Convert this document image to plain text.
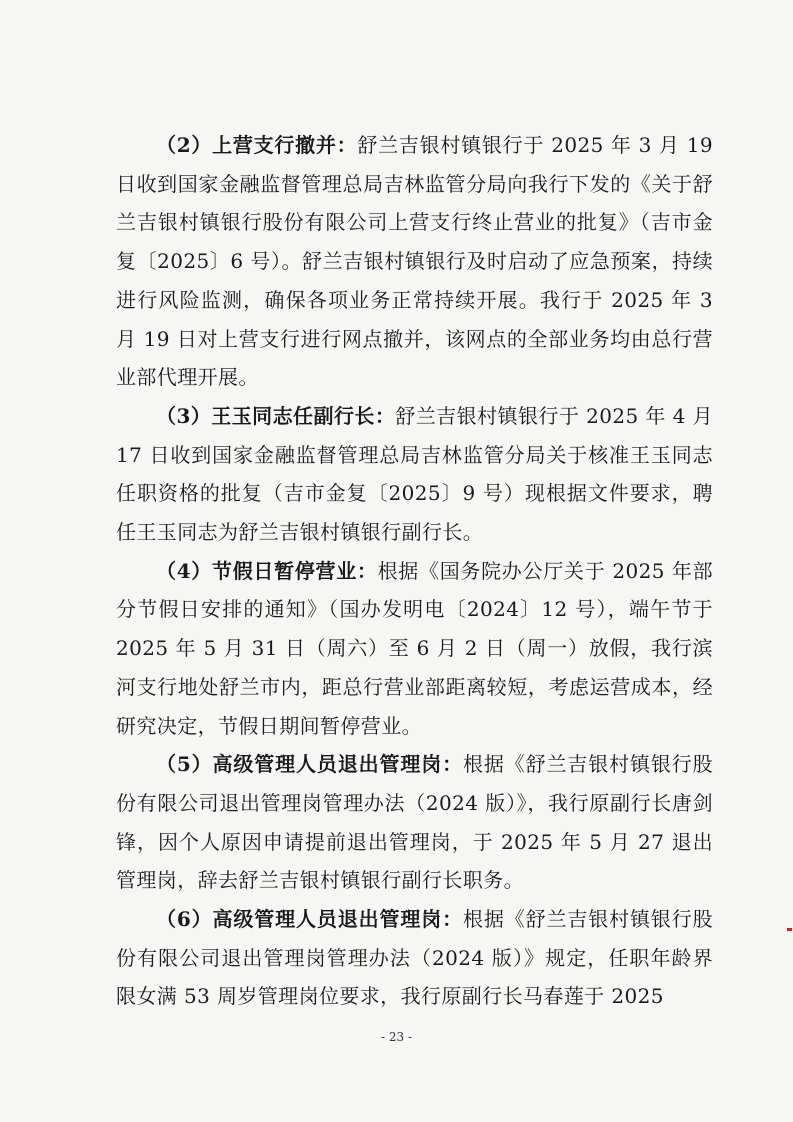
（2）上营支行撤并：舒兰吉银村镇银行于 2025 年 3 月 19 日收到国家金融监督管理总局吉林监管分局向我行下发的《关于舒兰吉银村镇银行股份有限公司上营支行终止营业的批复》（吉市金复〔2025〕6 号）。舒兰吉银村镇银行及时启动了应急预案，持续进行风险监测，确保各项业务正常持续开展。我行于 2025 年 3 月 19 日对上营支行进行网点撤并，该网点的全部业务均由总行营业部代理开展。

（3）王玉同志任副行长：舒兰吉银村镇银行于 2025 年 4 月 17 日收到国家金融监督管理总局吉林监管分局关于核准王玉同志任职资格的批复（吉市金复〔2025〕9 号）现根据文件要求，聘任王玉同志为舒兰吉银村镇银行副行长。

（4）节假日暂停营业：根据《国务院办公厅关于 2025 年部分节假日安排的通知》（国办发明电〔2024〕12 号），端午节于 2025 年 5 月 31 日（周六）至 6 月 2 日（周一）放假，我行滨河支行地处舒兰市内，距总行营业部距离较短，考虑运营成本，经研究决定，节假日期间暂停营业。

（5）高级管理人员退出管理岗：根据《舒兰吉银村镇银行股份有限公司退出管理岗管理办法（2024 版）》，我行原副行长唐剑锋，因个人原因申请提前退出管理岗，于 2025 年 5 月 27 退出管理岗，辞去舒兰吉银村镇银行副行长职务。

（6）高级管理人员退出管理岗：根据《舒兰吉银村镇银行股份有限公司退出管理岗管理办法（2024 版）》规定，任职年龄界限女满 53 周岁管理岗位要求，我行原副行长马春莲于 2025

- 23 -
